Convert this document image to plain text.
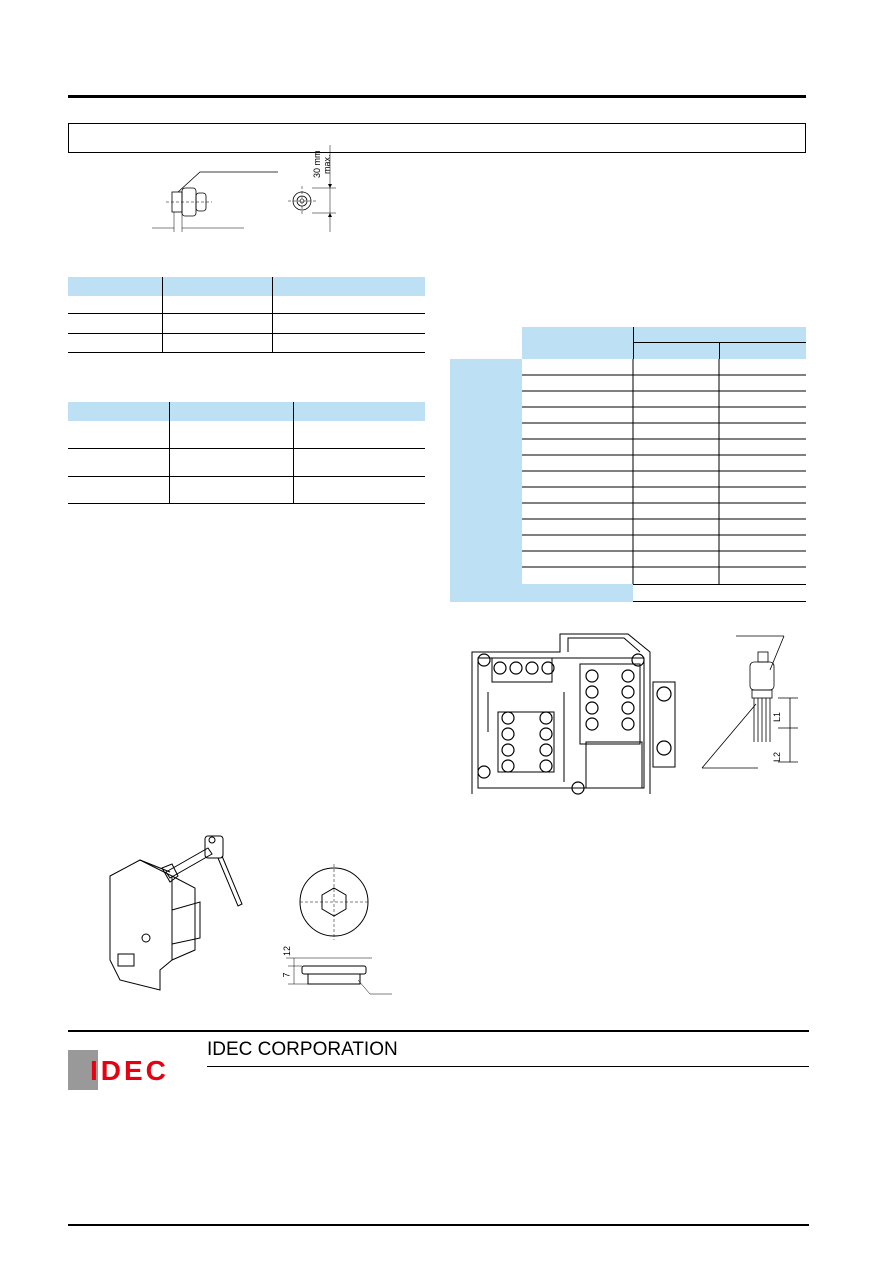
30 mm max.

L1
L2
12
7
IDEC
IDEC CORPORATION
